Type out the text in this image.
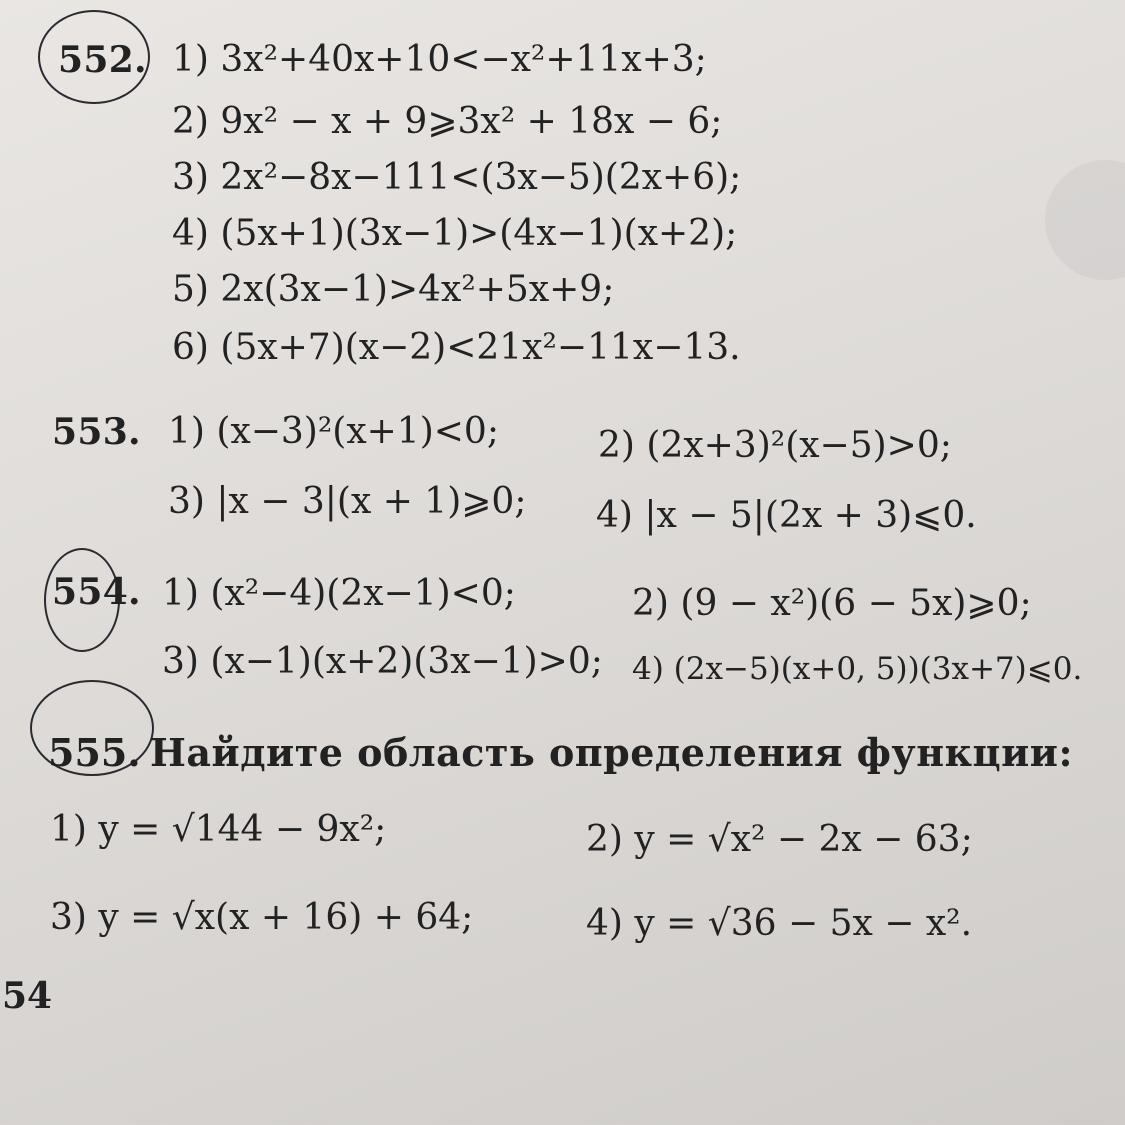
552. 1) 3x²+40x+10<−x²+11x+3;
2) 9x² − x + 9⩾3x² + 18x − 6;
3) 2x²−8x−111<(3x−5)(2x+6);
4) (5x+1)(3x−1)>(4x−1)(x+2);
5) 2x(3x−1)>4x²+5x+9;
6) (5x+7)(x−2)<21x²−11x−13.
553. 1) (x−3)²(x+1)<0;	2) (2x+3)²(x−5)>0;
3) |x − 3|(x + 1)⩾0; 4) |x − 5|(2x + 3)⩽0.
554. 1) (x²−4)(2x−1)<0;	2) (9 − x²)(6 − 5x)⩾0;
3) (x−1)(x+2)(3x−1)>0; 4) (2x−5)(x+0, 5))(3x+7)⩽0.
555. Найдите область определения функции:
1) y = √144 − 9x²;	2) y = √x² − 2x − 63;
3) y = √x(x + 16) + 64;	4) y = √36 − 5x − x².
54
